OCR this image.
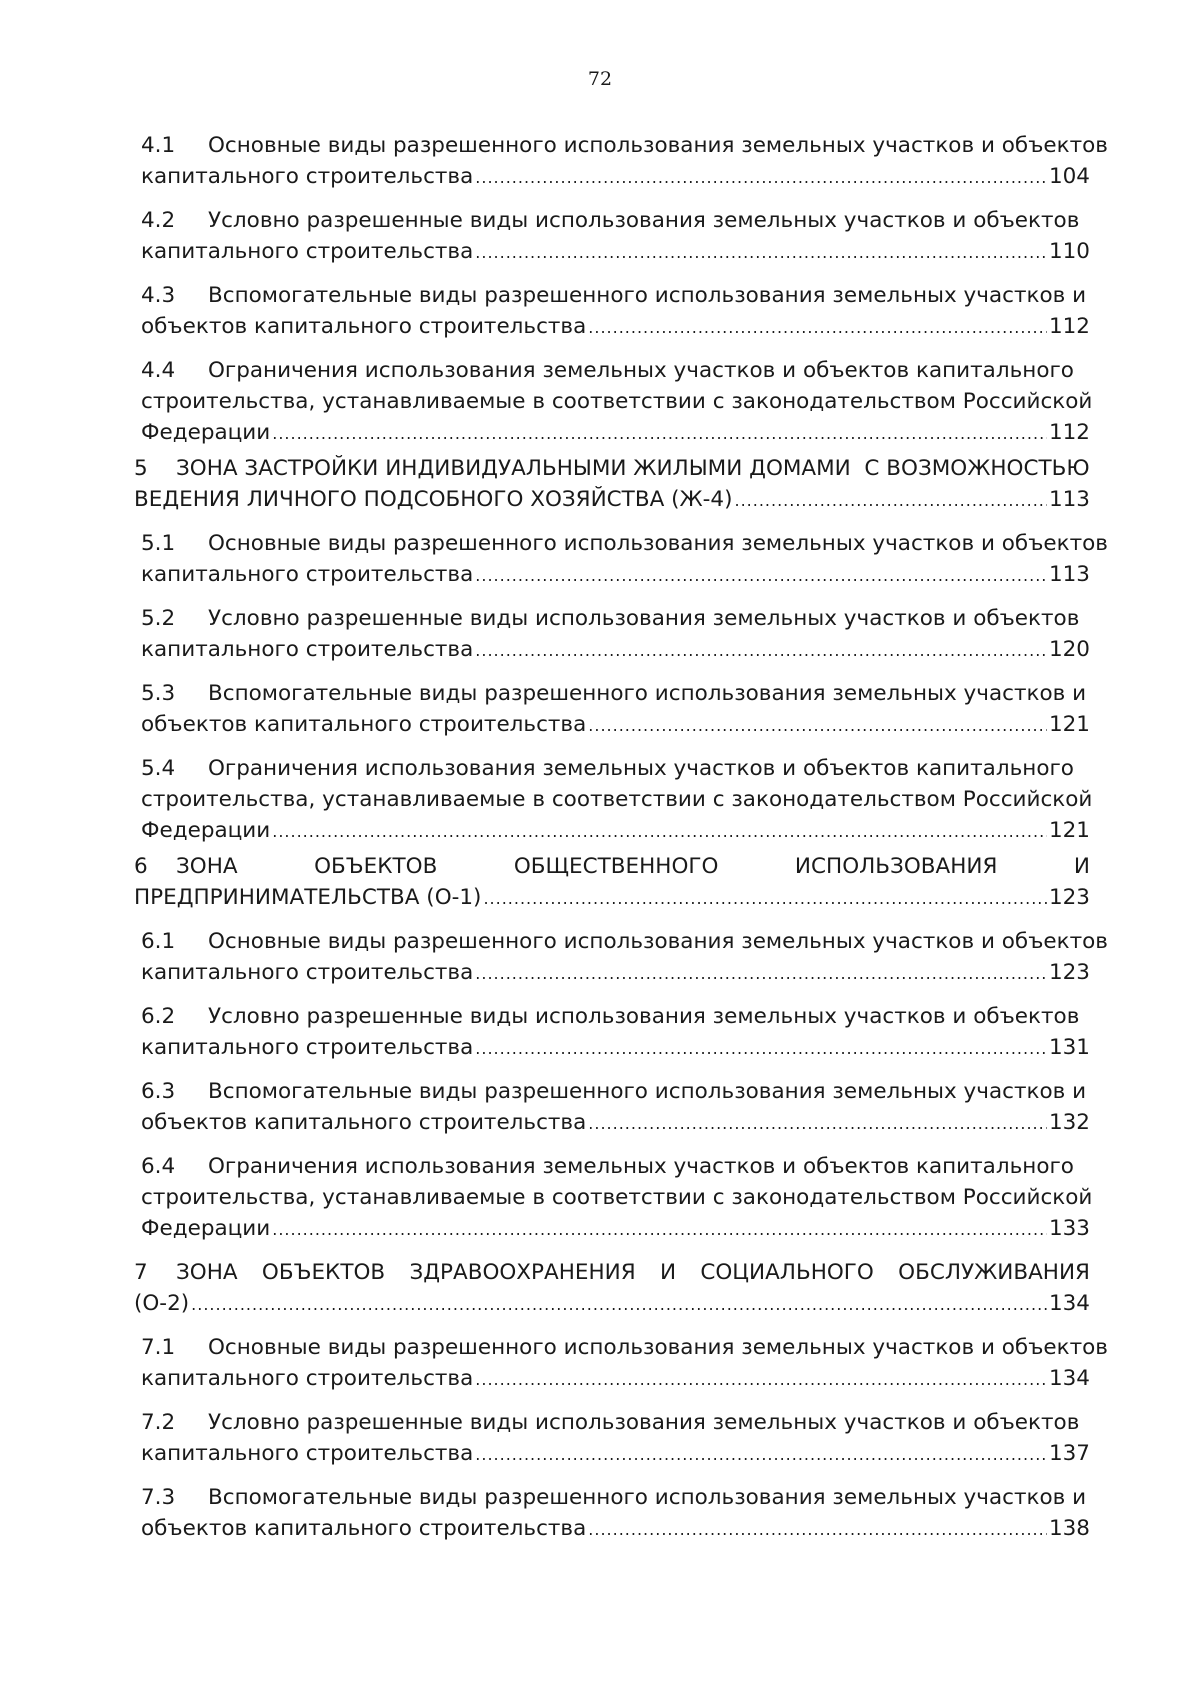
72
4.1	Основные виды разрешенного использования земельных участков и объектов
капитального строительства .....	104
4.2	Условно разрешенные виды использования земельных участков и объектов
капитального строительства .....	110
4.3	Вспомогательные виды разрешенного использования земельных участков и
объектов капитального строительства .....	112
4.4	Ограничения использования земельных участков и объектов капитального
строительства, устанавливаемые в соответствии с законодательством Российской
Федерации .....	112
5	ЗОНА ЗАСТРОЙКИ ИНДИВИДУАЛЬНЫМИ ЖИЛЫМИ ДОМАМИ  С ВОЗМОЖНОСТЬЮ
ВЕДЕНИЯ ЛИЧНОГО ПОДСОБНОГО ХОЗЯЙСТВА (Ж-4) .....	113
5.1	Основные виды разрешенного использования земельных участков и объектов
капитального строительства .....	113
5.2	Условно разрешенные виды использования земельных участков и объектов
капитального строительства .....	120
5.3	Вспомогательные виды разрешенного использования земельных участков и
объектов капитального строительства .....	121
5.4	Ограничения использования земельных участков и объектов капитального
строительства, устанавливаемые в соответствии с законодательством Российской
Федерации .....	121
6	ЗОНА ОБЪЕКТОВ ОБЩЕСТВЕННОГО ИСПОЛЬЗОВАНИЯ И
ПРЕДПРИНИМАТЕЛЬСТВА (О-1) .....	123
6.1	Основные виды разрешенного использования земельных участков и объектов
капитального строительства .....	123
6.2	Условно разрешенные виды использования земельных участков и объектов
капитального строительства .....	131
6.3	Вспомогательные виды разрешенного использования земельных участков и
объектов капитального строительства .....	132
6.4	Ограничения использования земельных участков и объектов капитального
строительства, устанавливаемые в соответствии с законодательством Российской
Федерации .....	133
7	ЗОНА ОБЪЕКТОВ ЗДРАВООХРАНЕНИЯ И СОЦИАЛЬНОГО ОБСЛУЖИВАНИЯ
(О-2) .....	134
7.1	Основные виды разрешенного использования земельных участков и объектов
капитального строительства .....	134
7.2	Условно разрешенные виды использования земельных участков и объектов
капитального строительства .....	137
7.3	Вспомогательные виды разрешенного использования земельных участков и
объектов капитального строительства .....	138
